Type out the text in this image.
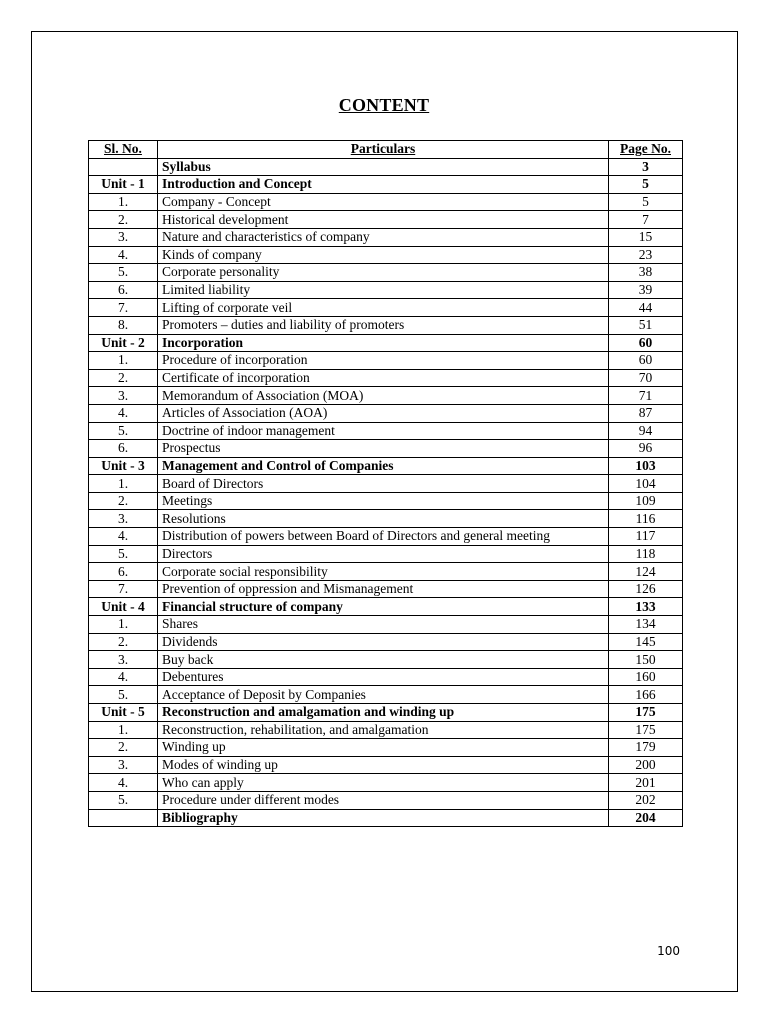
CONTENT
Sl. No.	Particulars	Page No.
	Syllabus	3
Unit - 1	Introduction and Concept	5
1.	Company - Concept	5
2.	Historical development	7
3.	Nature and characteristics of company	15
4.	Kinds of company	23
5.	Corporate personality	38
6.	Limited liability	39
7.	Lifting of corporate veil	44
8.	Promoters – duties and liability of promoters	51
Unit - 2	Incorporation	60
1.	Procedure of incorporation	60
2.	Certificate of incorporation	70
3.	Memorandum of Association (MOA)	71
4.	Articles of Association (AOA)	87
5.	Doctrine of indoor management	94
6.	Prospectus	96
Unit - 3	Management and Control of Companies	103
1.	Board of Directors	104
2.	Meetings	109
3.	Resolutions	116
4.	Distribution of powers between Board of Directors and general meeting	117
5.	Directors	118
6.	Corporate social responsibility	124
7.	Prevention of oppression and Mismanagement	126
Unit - 4	Financial structure of company	133
1.	Shares	134
2.	Dividends	145
3.	Buy back	150
4.	Debentures	160
5.	Acceptance of Deposit by Companies	166
Unit - 5	Reconstruction and amalgamation and winding up	175
1.	Reconstruction, rehabilitation, and amalgamation	175
2.	Winding up	179
3.	Modes of winding up	200
4.	Who can apply	201
5.	Procedure under different modes	202
	Bibliography	204
100
